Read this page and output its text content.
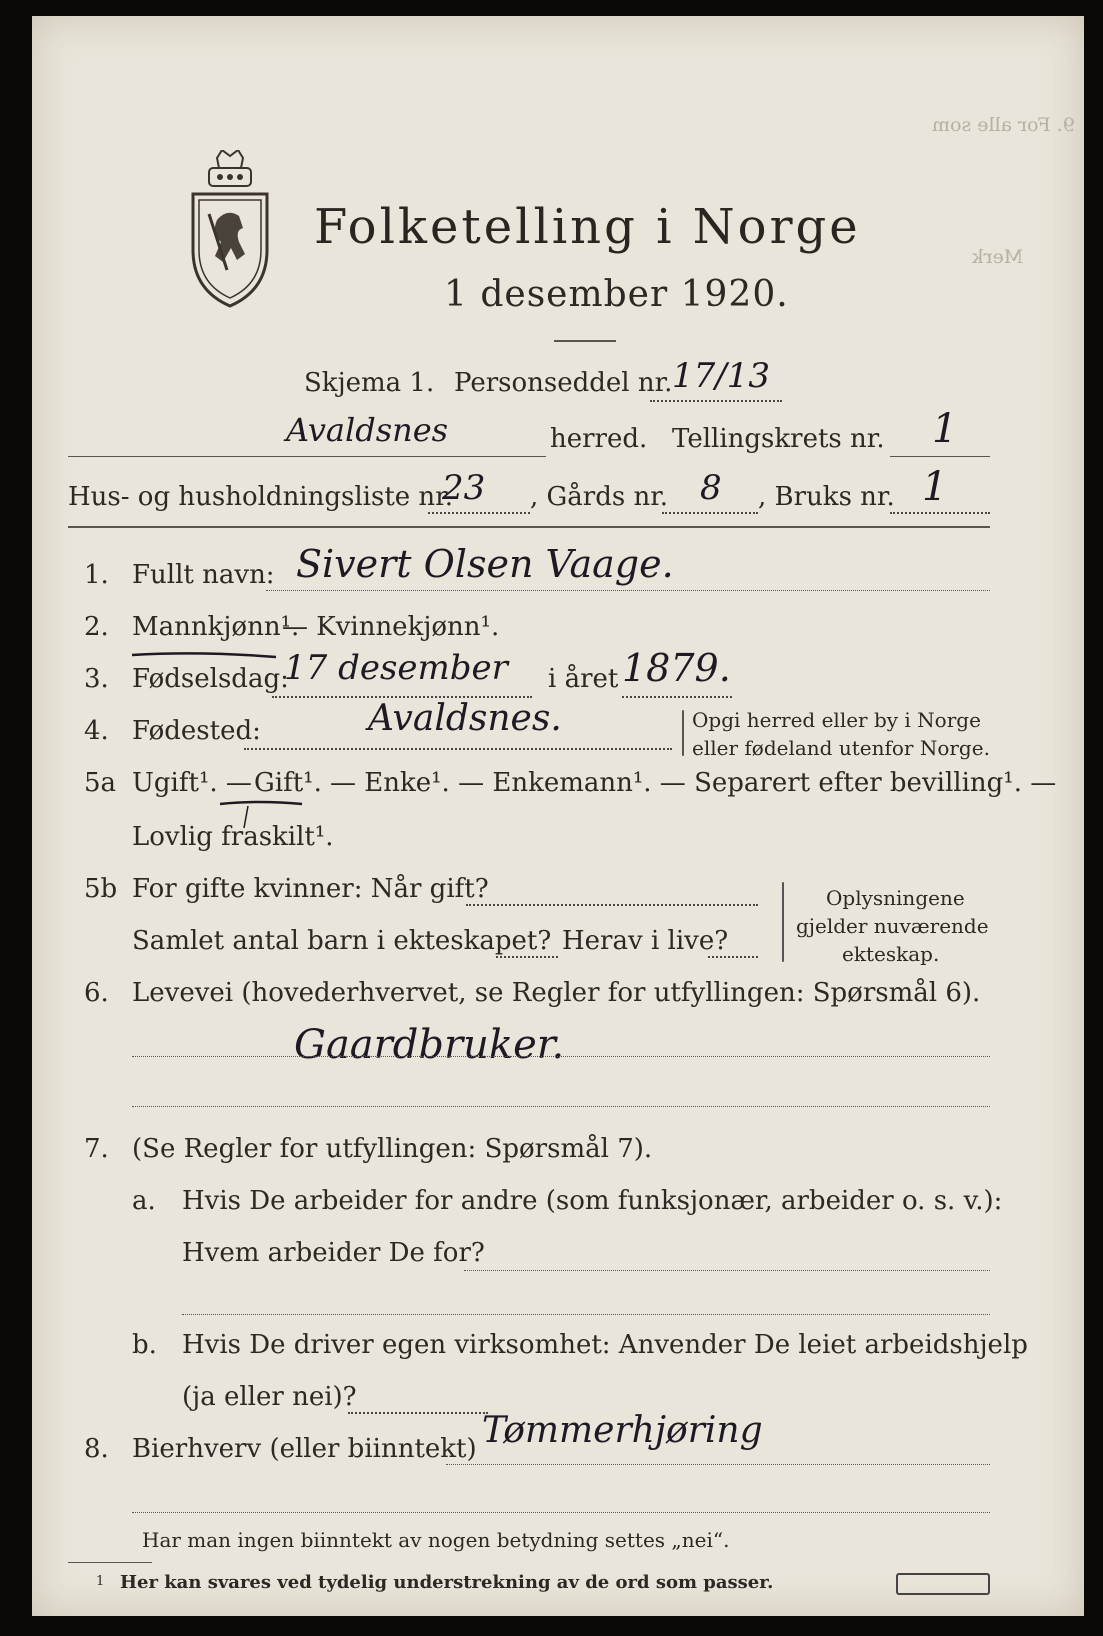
9. For alle som
Merk
Folketelling i Norge
1 desember 1920.
Skjema 1. Personseddel nr. 17/13
Avaldsnes	herred. Tellingskrets nr. 1
Hus- og husholdningsliste nr.
23 , Gårds nr. 8 , Bruks nr. 1
1. Fullt navn: Sivert Olsen Vaage.
2. Mannkjønn¹.
— Kvinnekjønn¹.
3. Fødselsdag:
17 desember i året 1879.
4. Fødested:	Avaldsnes.	Opgi herred eller by i Norge
eller fødeland utenfor Norge.
5a Ugift¹. — Gift¹. — Enke¹. — Enkemann¹. — Separert efter bevilling¹. —
Lovlig fraskilt¹.
5b For gifte kvinner: Når gift?
Samlet antal barn i ekteskapet? Herav i live?
Oplysningene
gjelder nuværende
ekteskap.
6. Levevei (hovederhvervet, se Regler for utfyllingen: Spørsmål 6).
Gaardbruker.
7. (Se Regler for utfyllingen: Spørsmål 7).
a. Hvis De arbeider for andre (som funksjonær, arbeider o. s. v.):
Hvem arbeider De for?
b. Hvis De driver egen virksomhet: Anvender De leiet arbeidshjelp
(ja eller nei)?
8. Bierhverv (eller biinntekt) Tømmerhjøring
Har man ingen biinntekt av nogen betydning settes „nei“.
1 Her kan svares ved tydelig understrekning av de ord som passer.
